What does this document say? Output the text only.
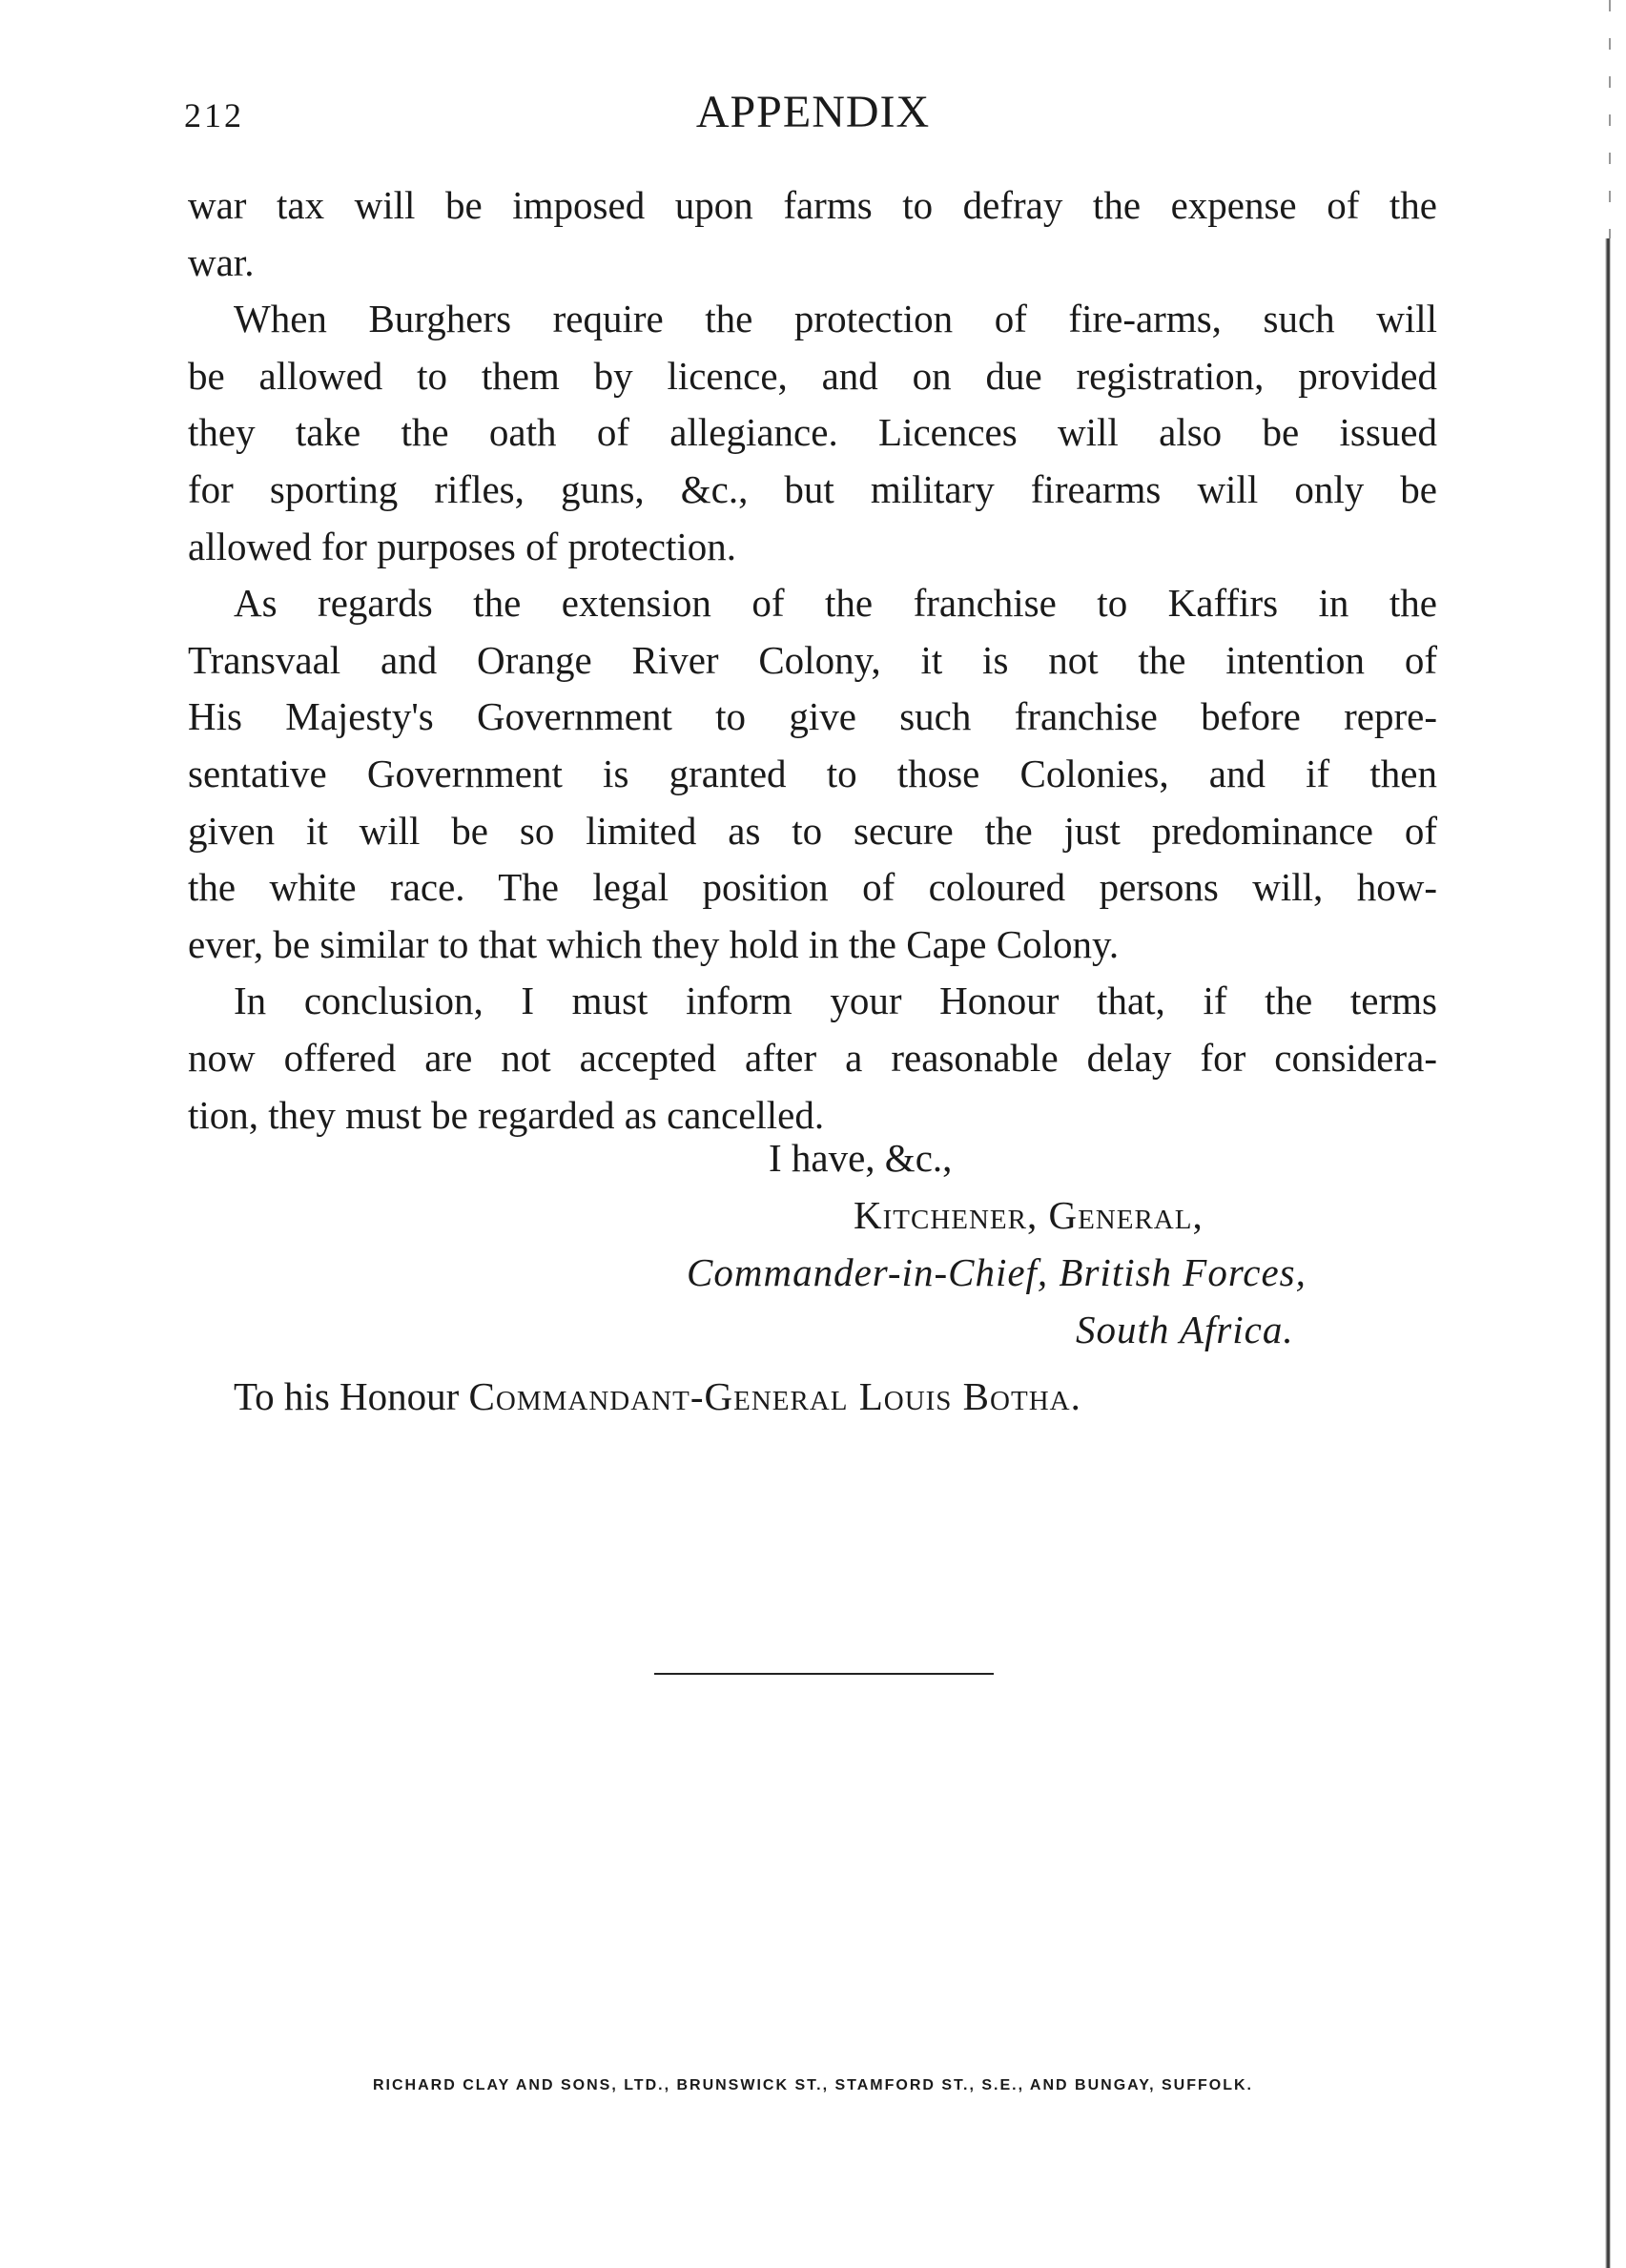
212	APPENDIX
war tax will be imposed upon farms to defray the expense of the
war.
When Burghers require the protection of fire-arms, such will
be allowed to them by licence, and on due registration, provided
they take the oath of allegiance. Licences will also be issued
for sporting rifles, guns, &c., but military firearms will only be
allowed for purposes of protection.
As regards the extension of the franchise to Kaffirs in the
Transvaal and Orange River Colony, it is not the intention of
His Majesty's Government to give such franchise before repre-
sentative Government is granted to those Colonies, and if then
given it will be so limited as to secure the just predominance of
the white race. The legal position of coloured persons will, how-
ever, be similar to that which they hold in the Cape Colony.
In conclusion, I must inform your Honour that, if the terms
now offered are not accepted after a reasonable delay for considera-
tion, they must be regarded as cancelled.
I have, &c.,
Kitchener, General,
Commander-in-Chief, British Forces,
South Africa.
To his Honour Commandant-General Louis Botha.
RICHARD CLAY AND SONS, LTD., BRUNSWICK ST., STAMFORD ST., S.E., AND BUNGAY, SUFFOLK.
